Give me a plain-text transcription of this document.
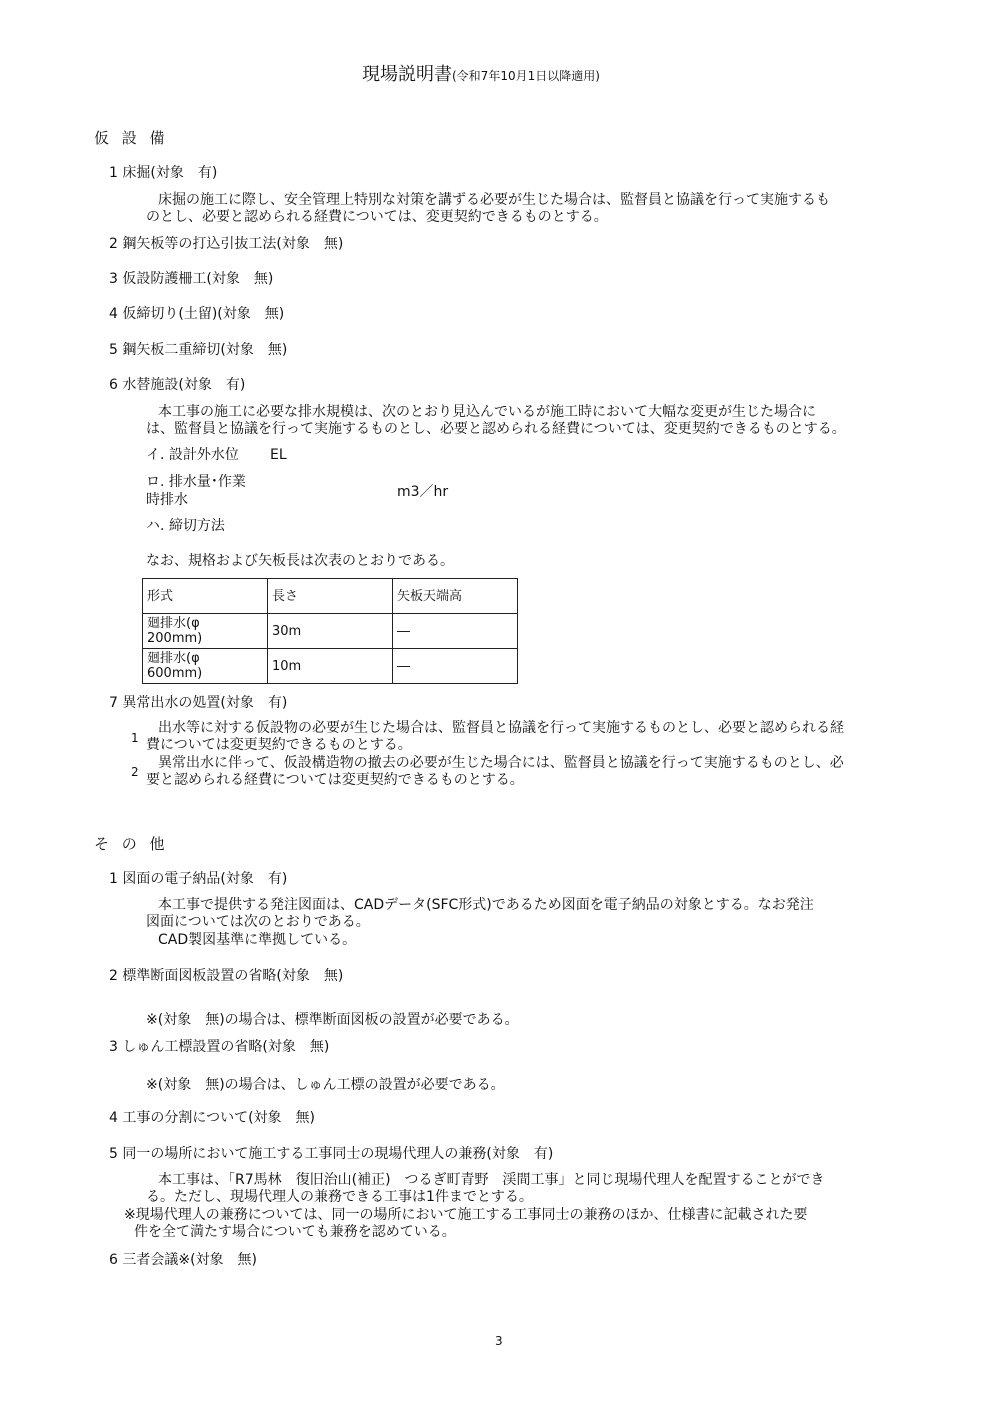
現場説明書(令和7年10月1日以降適用)
仮 設 備
1 床掘(対象　有)
床掘の施工に際し、安全管理上特別な対策を講ずる必要が生じた場合は、監督員と協議を行って実施するも
のとし、必要と認められる経費については、変更契約できるものとする。
2 鋼矢板等の打込引抜工法(対象　無)
3 仮設防護柵工(対象　無)
4 仮締切り(土留)(対象　無)
5 鋼矢板二重締切(対象　無)
6 水替施設(対象　有)
本工事の施工に必要な排水規模は、次のとおり見込んでいるが施工時において大幅な変更が生じた場合に
は、監督員と協議を行って実施するものとし、必要と認められる経費については、変更契約できるものとする。
イ. 設計外水位 EL
ロ. 排水量･作業
時排水	m3／hr
ハ. 締切方法
なお、規格および矢板長は次表のとおりである。
形式	長さ	矢板天端高
廻排水(φ
200mm)	30m	―
廻排水(φ
600mm)	10m	―
7 異常出水の処置(対象　有)
1
出水等に対する仮設物の必要が生じた場合は、監督員と協議を行って実施するものとし、必要と認められる経
費については変更契約できるものとする。
2
異常出水に伴って、仮設構造物の撤去の必要が生じた場合には、監督員と協議を行って実施するものとし、必
要と認められる経費については変更契約できるものとする。
そ の 他
1 図面の電子納品(対象　有)
本工事で提供する発注図面は、CADデータ(SFC形式)であるため図面を電子納品の対象とする。なお発注
図面については次のとおりである。
CAD製図基準に準拠している。
2 標準断面図板設置の省略(対象　無)
※(対象　無)の場合は、標準断面図板の設置が必要である。
3 しゅん工標設置の省略(対象　無)
※(対象　無)の場合は、しゅん工標の設置が必要である。
4 工事の分割について(対象　無)
5 同一の場所において施工する工事同士の現場代理人の兼務(対象　有)
本工事は、「R7馬林　復旧治山(補正)　つるぎ町青野　渓間工事」と同じ現場代理人を配置することができ
る。ただし、現場代理人の兼務できる工事は1件までとする。
※現場代理人の兼務については、同一の場所において施工する工事同士の兼務のほか、仕様書に記載された要
件を全て満たす場合についても兼務を認めている。
6 三者会議※(対象　無)
3
